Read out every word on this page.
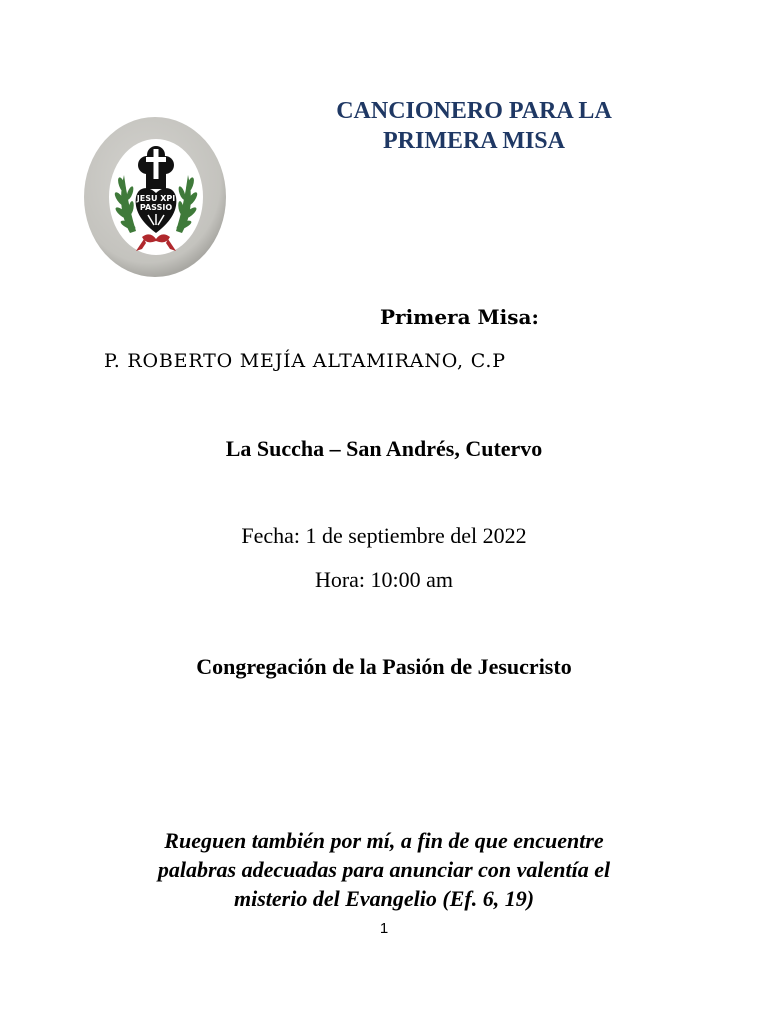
JESU XPI
PASSIO
CANCIONERO PARA LA
PRIMERA MISA
Primera Misa:
P. ROBERTO MEJÍA ALTAMIRANO, C.P
La Succha – San Andrés, Cutervo
Fecha: 1 de septiembre del 2022
Hora: 10:00 am
Congregación de la Pasión de Jesucristo
Rueguen también por mí, a fin de que encuentre
palabras adecuadas para anunciar con valentía el
misterio del Evangelio (Ef. 6, 19)
1
